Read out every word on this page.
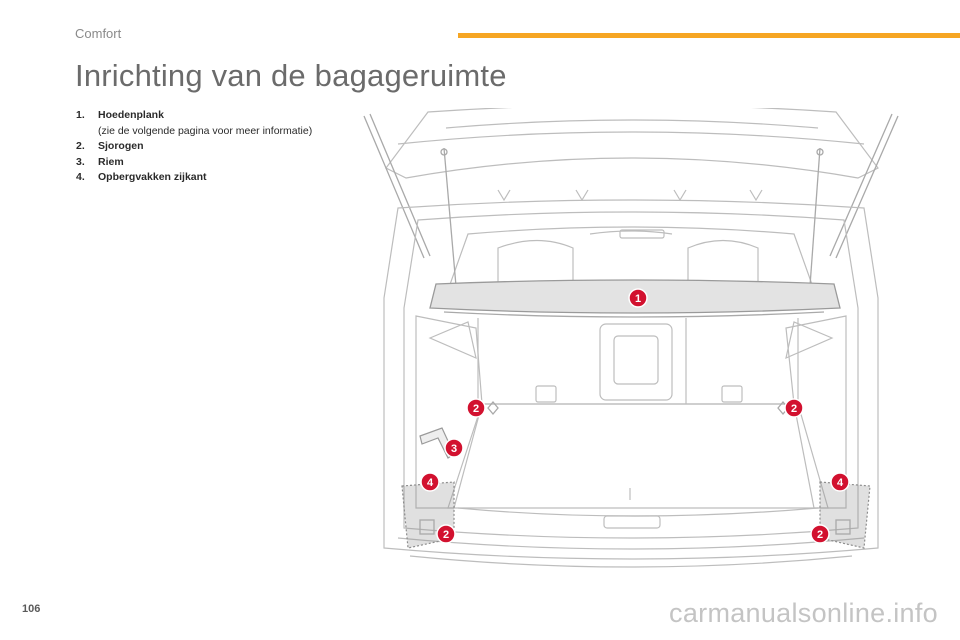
Comfort
Inrichting van de bagageruimte
1.	Hoedenplank
(zie de volgende pagina voor meer informatie)
2.	Sjorogen
3.	Riem
4.	Opbergvakken zijkant
1
2	2
3
4	4
2	2
106	carmanualsonline.info
